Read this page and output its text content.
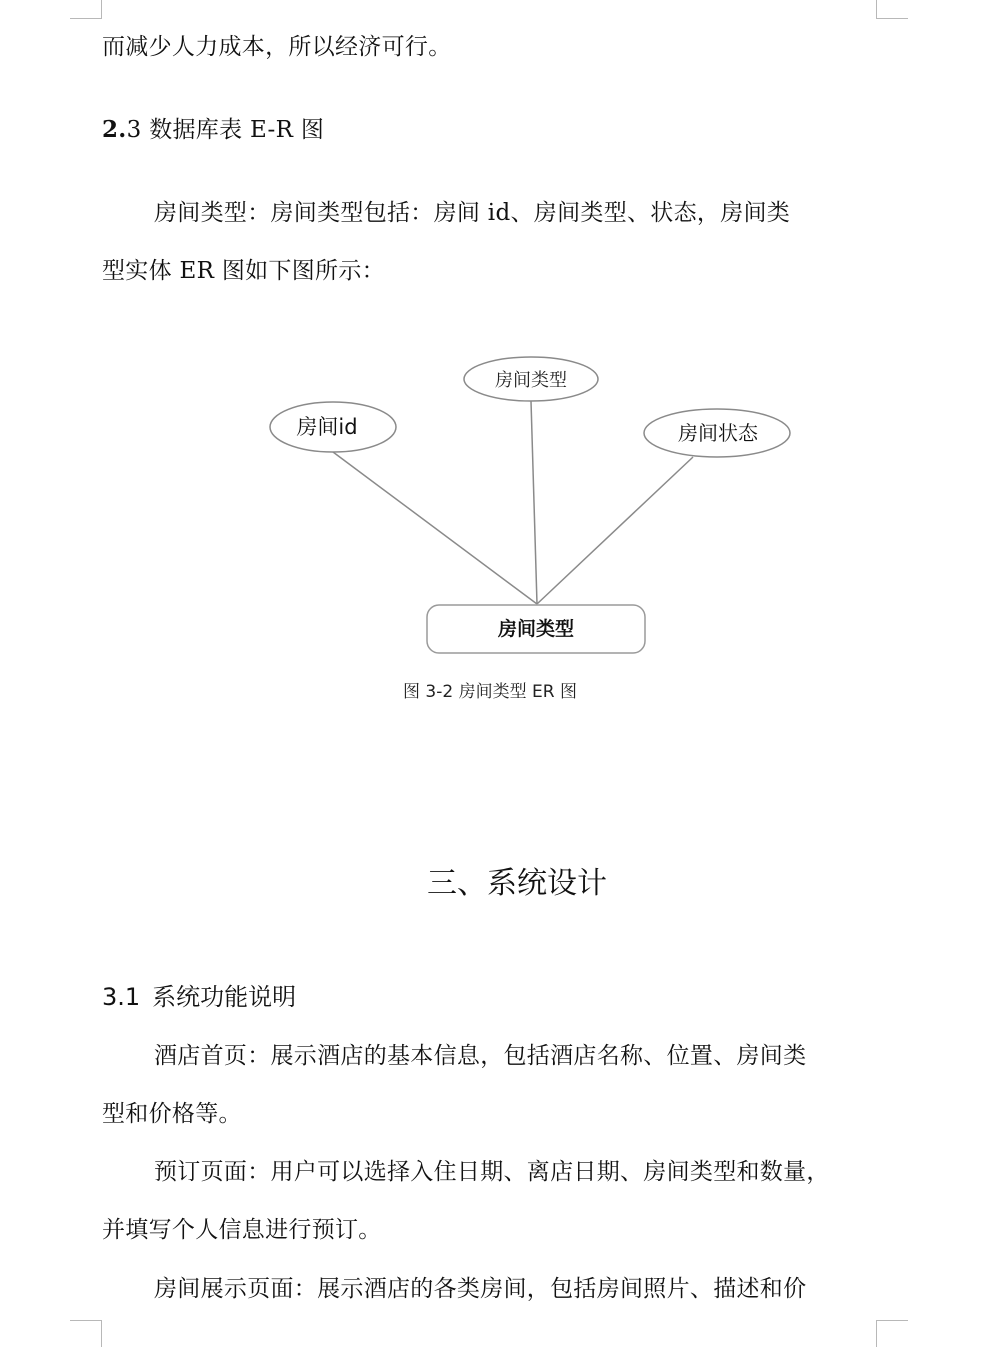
而减少人力成本，所以经济可行。
2.3 数据库表 E-R 图
房间类型：房间类型包括：房间 id、房间类型、状态，房间类
型实体 ER 图如下图所示：
房间id
房间类型
房间状态
房间类型
图 3-2 房间类型 ER 图
三、系统设计
3.1 系统功能说明
酒店首页：展示酒店的基本信息，包括酒店名称、位置、房间类
型和价格等。
预订页面：用户可以选择入住日期、离店日期、房间类型和数量，
并填写个人信息进行预订。
房间展示页面：展示酒店的各类房间，包括房间照片、描述和价
